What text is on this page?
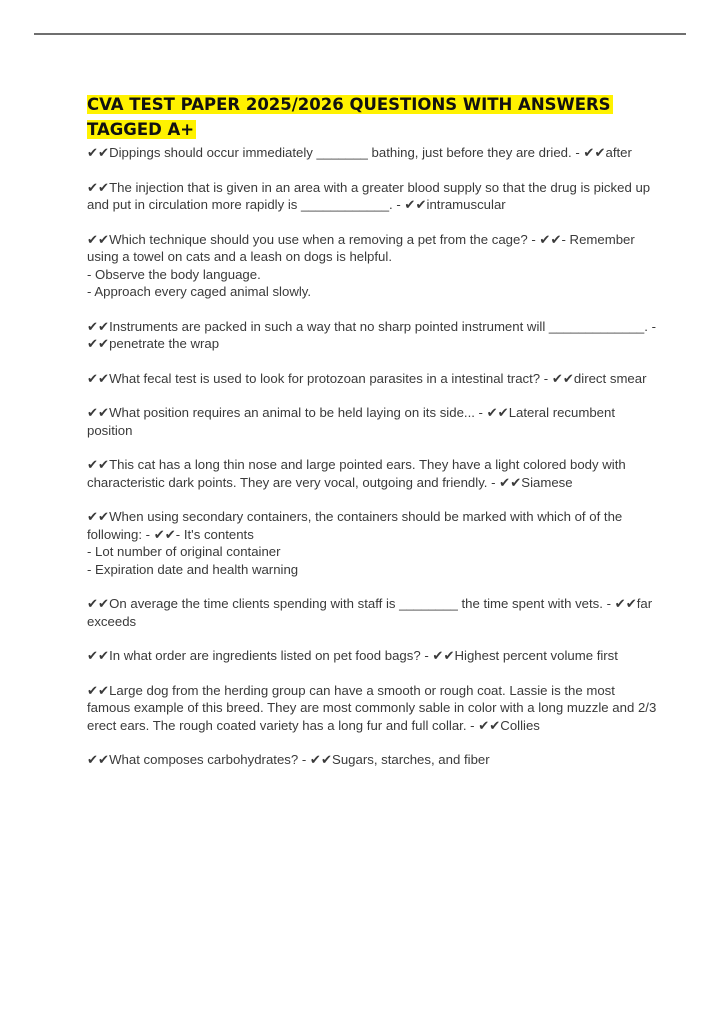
CVA TEST PAPER 2025/2026 QUESTIONS WITH ANSWERS TAGGED A+

✔✔Dippings should occur immediately _______ bathing, just before they are dried. - ✔✔after

✔✔The injection that is given in an area with a greater blood supply so that the drug is picked up and put in circulation more rapidly is ____________. - ✔✔intramuscular

✔✔Which technique should you use when a removing a pet from the cage? - ✔✔- Remember using a towel on cats and a leash on dogs is helpful.
- Observe the body language.
- Approach every caged animal slowly.

✔✔Instruments are packed in such a way that no sharp pointed instrument will _____________. - ✔✔penetrate the wrap

✔✔What fecal test is used to look for protozoan parasites in a intestinal tract? - ✔✔direct smear

✔✔What position requires an animal to be held laying on its side... - ✔✔Lateral recumbent position

✔✔This cat has a long thin nose and large pointed ears. They have a light colored body with characteristic dark points. They are very vocal, outgoing and friendly. - ✔✔Siamese

✔✔When using secondary containers, the containers should be marked with which of of the following: - ✔✔- It's contents
- Lot number of original container
- Expiration date and health warning

✔✔On average the time clients spending with staff is ________ the time spent with vets. - ✔✔far exceeds

✔✔In what order are ingredients listed on pet food bags? - ✔✔Highest percent volume first

✔✔Large dog from the herding group can have a smooth or rough coat. Lassie is the most famous example of this breed. They are most commonly sable in color with a long muzzle and 2/3 erect ears. The rough coated variety has a long fur and full collar. - ✔✔Collies

✔✔What composes carbohydrates? - ✔✔Sugars, starches, and fiber
